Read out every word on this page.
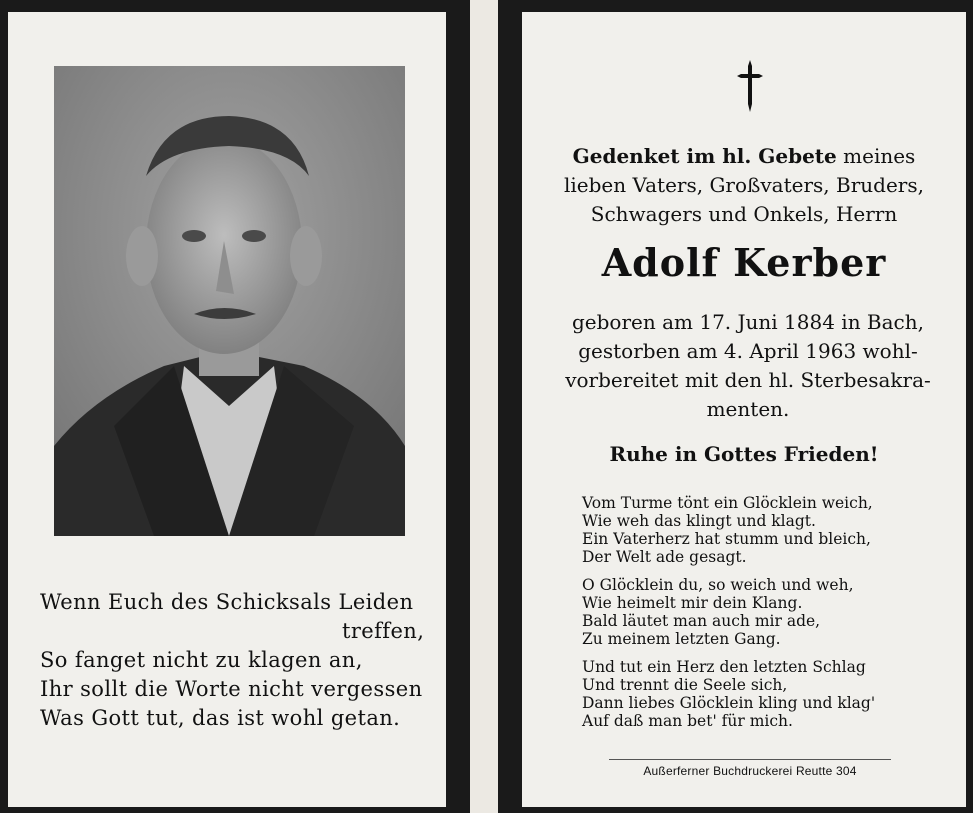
Wenn Euch des Schicksals Leiden
treffen,
So fanget nicht zu klagen an,
Ihr sollt die Worte nicht vergessen
Was Gott tut, das ist wohl getan.
Gedenket im hl. Gebete meines
lieben Vaters, Großvaters, Bruders,
Schwagers und Onkels, Herrn
Adolf Kerber
geboren am 17. Juni 1884 in Bach,
gestorben am 4. April 1963 wohl-
vorbereitet mit den hl. Sterbesakra-
menten.
Ruhe in Gottes Frieden!
Vom Turme tönt ein Glöcklein weich,
Wie weh das klingt und klagt.
Ein Vaterherz hat stumm und bleich,
Der Welt ade gesagt.
O Glöcklein du, so weich und weh,
Wie heimelt mir dein Klang.
Bald läutet man auch mir ade,
Zu meinem letzten Gang.
Und tut ein Herz den letzten Schlag
Und trennt die Seele sich,
Dann liebes Glöcklein kling und klag'
Auf daß man bet' für mich.
Außerferner Buchdruckerei Reutte 304
